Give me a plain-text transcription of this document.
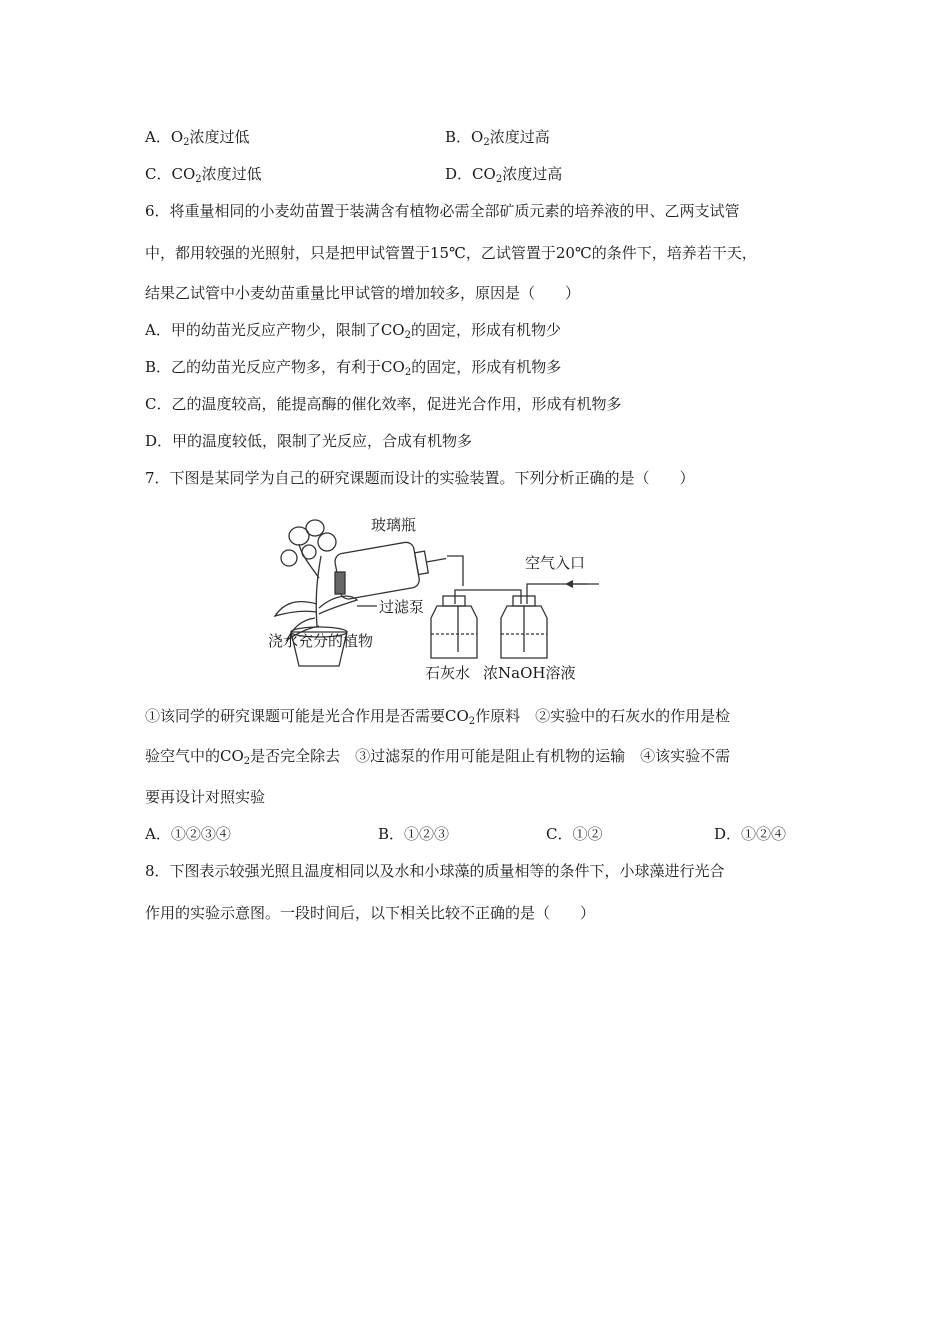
A．$O_2$浓度过低	B．$O_2$浓度过高
C．$CO_2$浓度过低	D．$CO_2$浓度过高
6．将重量相同的小麦幼苗置于装满含有植物必需全部矿质元素的培养液的甲、乙两支试管
中，都用较强的光照射，只是把甲试管置于15℃，乙试管置于20℃的条件下，培养若干天，
结果乙试管中小麦幼苗重量比甲试管的增加较多，原因是（　　）
A．甲的幼苗光反应产物少，限制了$CO_2$的固定，形成有机物少
B．乙的幼苗光反应产物多，有利于$CO_2$的固定，形成有机物多
C．乙的温度较高，能提高酶的催化效率，促进光合作用，形成有机物多
D．甲的温度较低，限制了光反应，合成有机物多
7．下图是某同学为自己的研究课题而设计的实验装置。下列分析正确的是（　　）
玻璃瓶
空气入口
过滤泵
浇水充分的植物
石灰水 浓NaOH溶液
①该同学的研究课题可能是光合作用是否需要$CO_2$作原料　②实验中的石灰水的作用是检
验空气中的$CO_2$是否完全除去　③过滤泵的作用可能是阻止有机物的运输　④该实验不需
要再设计对照实验
A．①②③④	B．①②③	C．①②	D．①②④
8．下图表示较强光照且温度相同以及水和小球藻的质量相等的条件下，小球藻进行光合
作用的实验示意图。一段时间后，以下相关比较不正确的是（　　）
